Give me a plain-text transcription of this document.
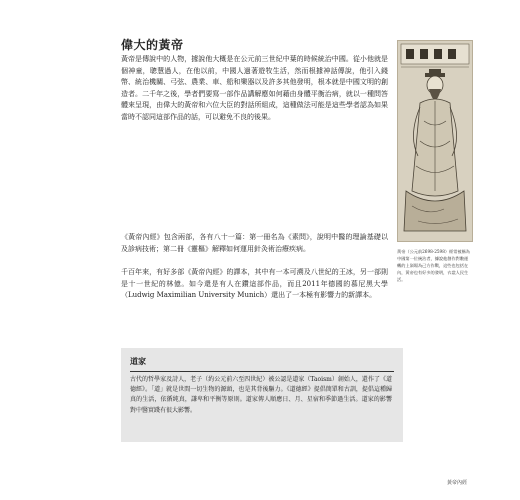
偉大的黃帝

黃帝是傳說中的人物，據說他大概是在公元前三世紀中葉的時候統治中國。從小他就是個神童，聰慧過人，在他以前，中國人過著遊牧生活，然而根據神話傳說，他引入錢幣、統治機關、弓弦、農業、車、船和樂器以及許多其他發明，根本就是中國文明的創造者。二千年之後，學者們要寫一部作品講解應如何藉由身體平衡治病，就以一種問答體來呈現，由偉大的黃帝和六位大臣的對話所組成，這種做法可能是這些學者認為如果當時不認同這部作品的話，可以避免不良的後果。

《黃帝內經》包含兩部，各有八十一篇：第一冊名為《素問》，說明中醫的理論基礎以及診病技術；第二冊《靈樞》解釋如何運用針灸術治療疾病。

千百年來，有好多部《黃帝內經》的譯本，其中有一本可溯及八世紀的王冰，另一部則是十一世紀的林億。如今還是有人在鑽這部作品，而且2011年德國的慕尼黑大學（Ludwig Maximilian University Munich）還出了一本極有影響力的新譯本。

黃帝（公元前2698-2598）經常被稱為中國第一位統治者，據說他創作對數運轉的上嶺場為己方作戰，這些也包括在內，黃帝也有好多的發明，衣裳人民生活。

道家

古代的哲學家及詩人，老子（約公元前六至四世紀）被公認是道家（Taoism）創始人，還作了《道德經》。「道」就是世間一切生物的源頭，也是其背後驅力。《道德經》提倡簡單和古訓，提倡這種歸真的生活，依循純真，謙卑和平衡等原則。道家傳人順應日、月、星宿和季節過生活。道家的影響對中醫實踐有很大影響。

黃帝內經
